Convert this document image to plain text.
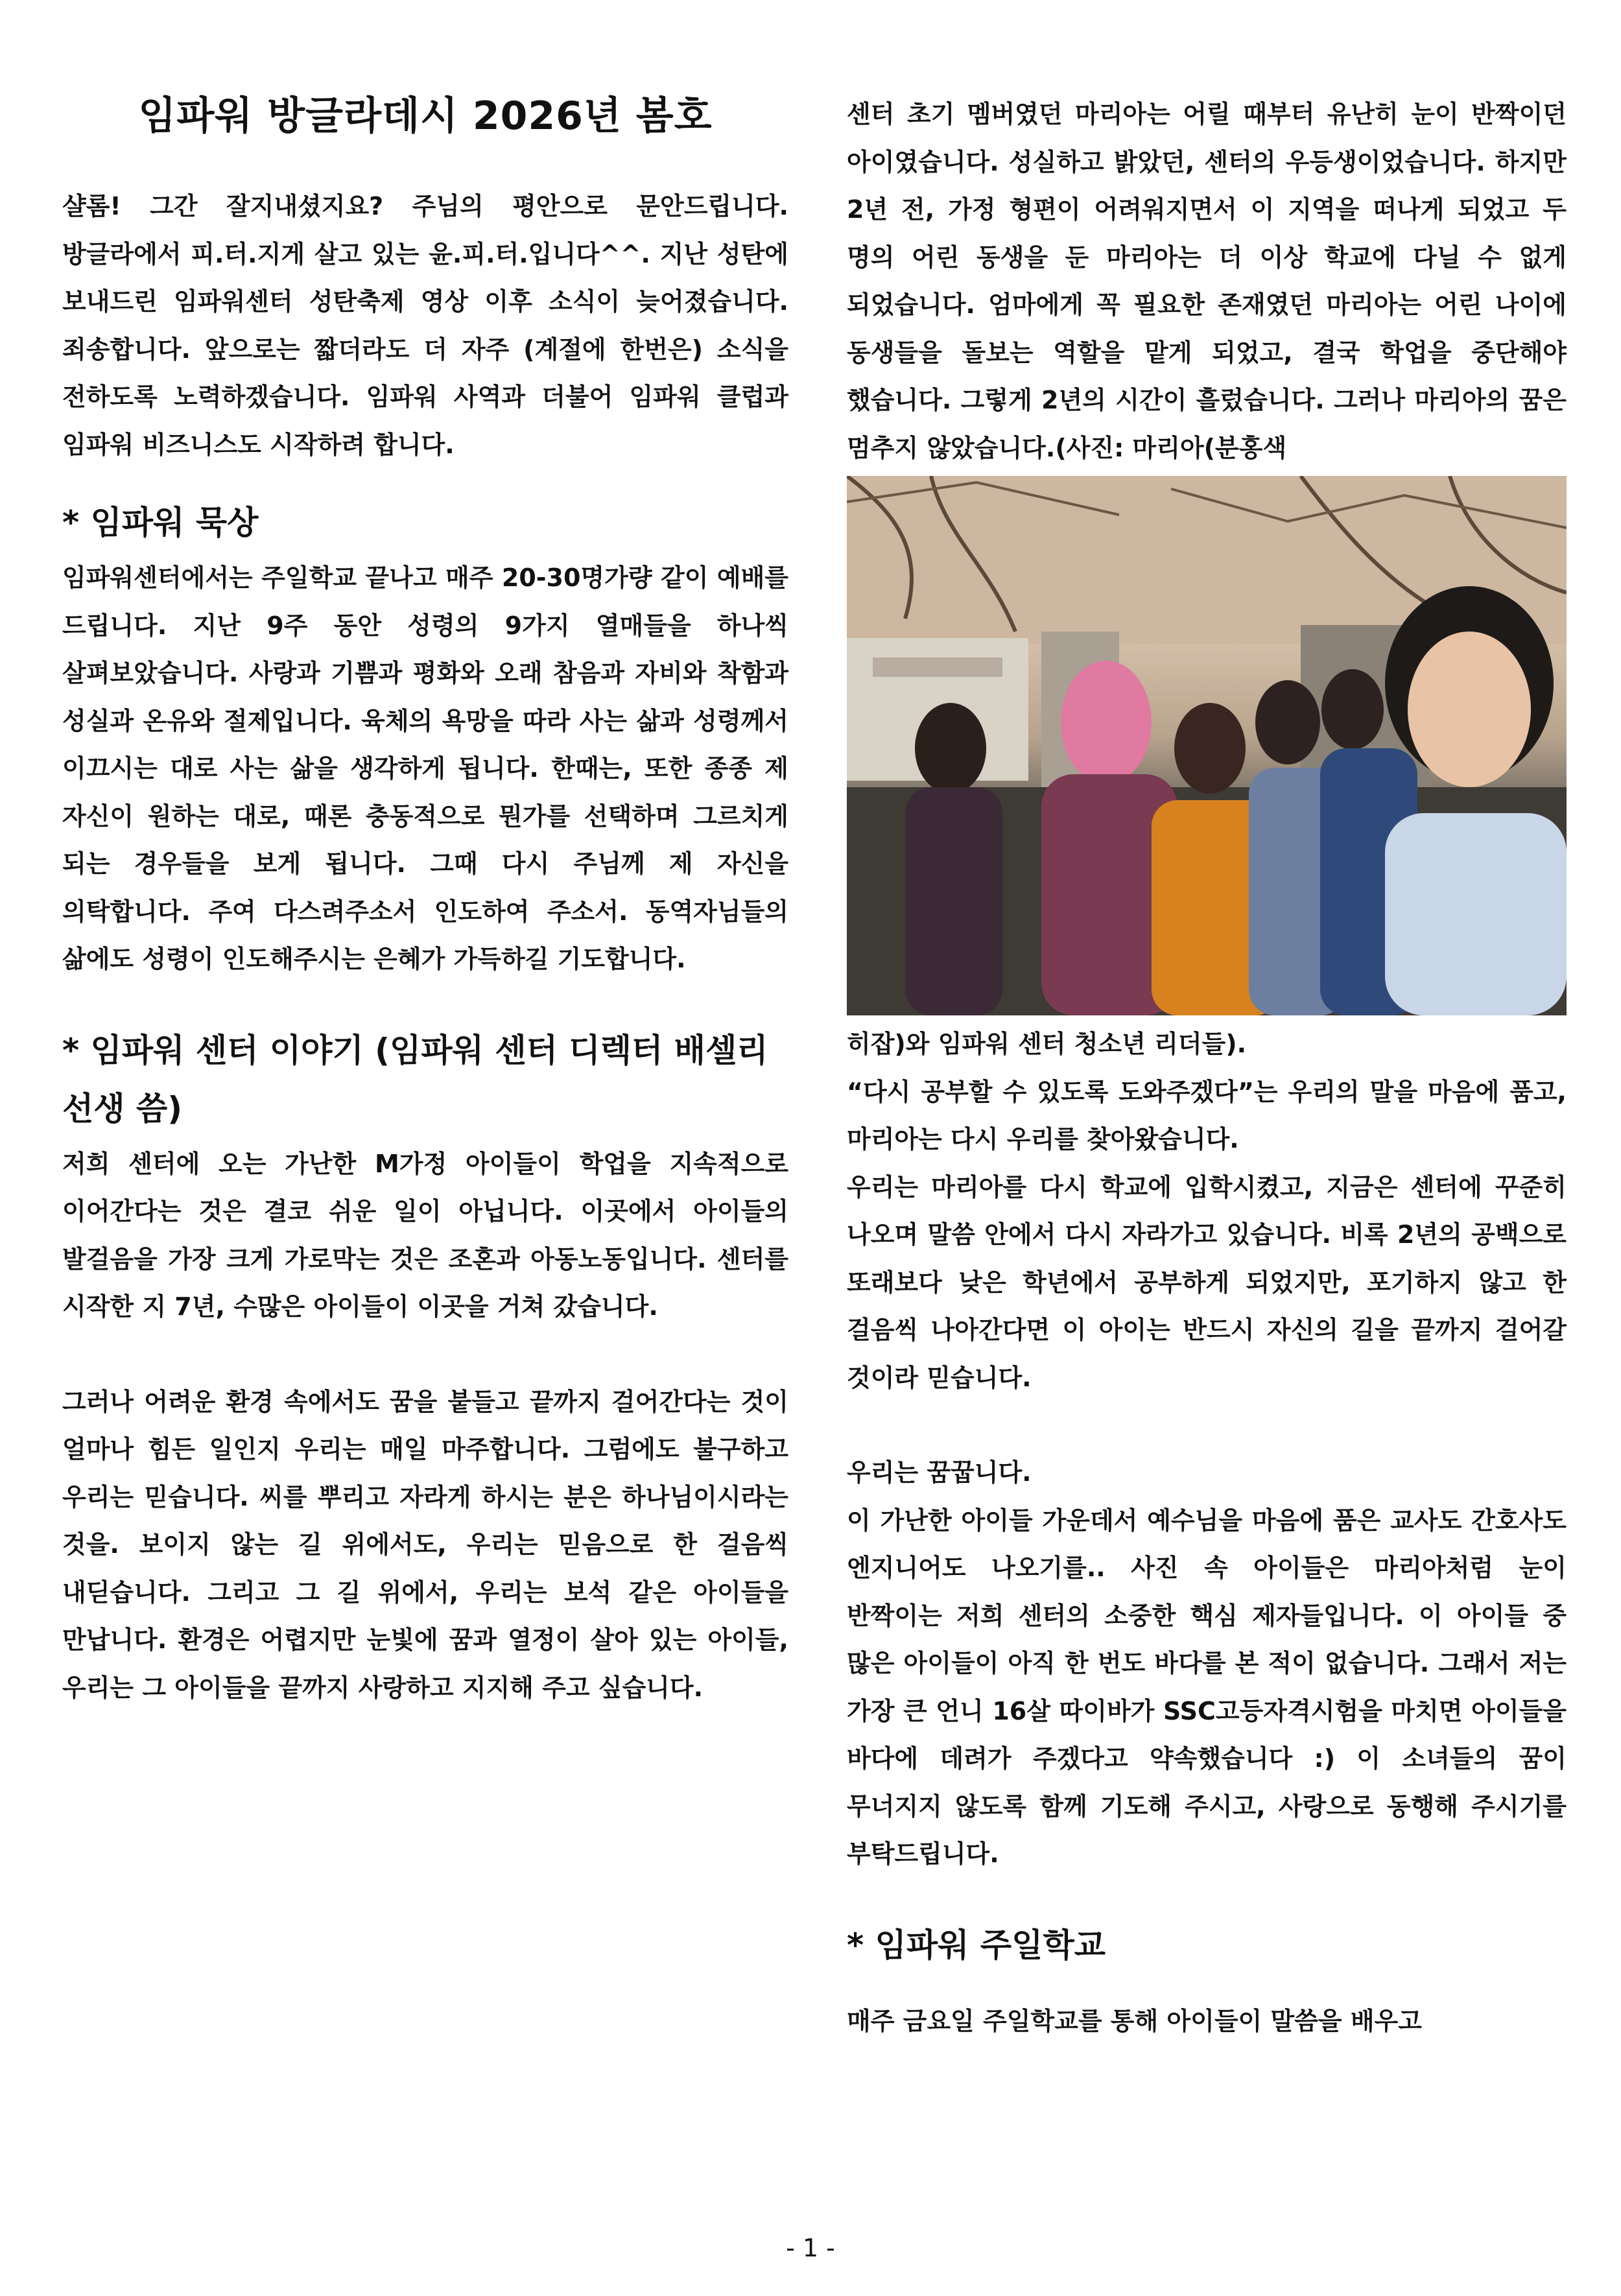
임파워 방글라데시 2026년 봄호

샬롬! 그간 잘지내셨지요? 주님의 평안으로 문안드립니다. 방글라에서 피.터.지게 살고 있는 윤.피.터.입니다^^. 지난 성탄에 보내드린 임파워센터 성탄축제 영상 이후 소식이 늦어졌습니다. 죄송합니다. 앞으로는 짧더라도 더 자주 (계절에 한번은) 소식을 전하도록 노력하겠습니다. 임파워 사역과 더불어 임파워 클럽과 임파워 비즈니스도 시작하려 합니다.

* 임파워 묵상

임파워센터에서는 주일학교 끝나고 매주 20-30명가량 같이 예배를 드립니다. 지난 9주 동안 성령의 9가지 열매들을 하나씩 살펴보았습니다. 사랑과 기쁨과 평화와 오래 참음과 자비와 착함과 성실과 온유와 절제입니다. 육체의 욕망을 따라 사는 삶과 성령께서 이끄시는 대로 사는 삶을 생각하게 됩니다. 한때는, 또한 종종 제 자신이 원하는 대로, 때론 충동적으로 뭔가를 선택하며 그르치게 되는 경우들을 보게 됩니다. 그때 다시 주님께 제 자신을 의탁합니다. 주여 다스려주소서 인도하여 주소서. 동역자님들의 삶에도 성령이 인도해주시는 은혜가 가득하길 기도합니다.

* 임파워 센터 이야기 (임파워 센터 디렉터 배셀리 선생 씀)

저희 센터에 오는 가난한 M가정 아이들이 학업을 지속적으로 이어간다는 것은 결코 쉬운 일이 아닙니다. 이곳에서 아이들의 발걸음을 가장 크게 가로막는 것은 조혼과 아동노동입니다. 센터를 시작한 지 7년, 수많은 아이들이 이곳을 거쳐 갔습니다.

그러나 어려운 환경 속에서도 꿈을 붙들고 끝까지 걸어간다는 것이 얼마나 힘든 일인지 우리는 매일 마주합니다. 그럼에도 불구하고 우리는 믿습니다. 씨를 뿌리고 자라게 하시는 분은 하나님이시라는 것을. 보이지 않는 길 위에서도, 우리는 믿음으로 한 걸음씩 내딛습니다. 그리고 그 길 위에서, 우리는 보석 같은 아이들을 만납니다. 환경은 어렵지만 눈빛에 꿈과 열정이 살아 있는 아이들, 우리는 그 아이들을 끝까지 사랑하고 지지해 주고 싶습니다.

센터 초기 멤버였던 마리아는 어릴 때부터 유난히 눈이 반짝이던 아이였습니다. 성실하고 밝았던, 센터의 우등생이었습니다. 하지만 2년 전, 가정 형편이 어려워지면서 이 지역을 떠나게 되었고 두 명의 어린 동생을 둔 마리아는 더 이상 학교에 다닐 수 없게 되었습니다. 엄마에게 꼭 필요한 존재였던 마리아는 어린 나이에 동생들을 돌보는 역할을 맡게 되었고, 결국 학업을 중단해야 했습니다. 그렇게 2년의 시간이 흘렀습니다. 그러나 마리아의 꿈은 멈추지 않았습니다.(사진: 마리아(분홍색

히잡)와 임파워 센터 청소년 리더들).

“다시 공부할 수 있도록 도와주겠다”는 우리의 말을 마음에 품고, 마리아는 다시 우리를 찾아왔습니다.

우리는 마리아를 다시 학교에 입학시켰고, 지금은 센터에 꾸준히 나오며 말씀 안에서 다시 자라가고 있습니다. 비록 2년의 공백으로 또래보다 낮은 학년에서 공부하게 되었지만, 포기하지 않고 한 걸음씩 나아간다면 이 아이는 반드시 자신의 길을 끝까지 걸어갈 것이라 믿습니다.

우리는 꿈꿉니다.

이 가난한 아이들 가운데서 예수님을 마음에 품은 교사도 간호사도 엔지니어도 나오기를.. 사진 속 아이들은 마리아처럼 눈이 반짝이는 저희 센터의 소중한 핵심 제자들입니다. 이 아이들 중 많은 아이들이 아직 한 번도 바다를 본 적이 없습니다. 그래서 저는 가장 큰 언니 16살 따이바가 SSC고등자격시험을 마치면 아이들을 바다에 데려가 주겠다고 약속했습니다 :) 이 소녀들의 꿈이 무너지지 않도록 함께 기도해 주시고, 사랑으로 동행해 주시기를 부탁드립니다.

* 임파워 주일학교

매주 금요일 주일학교를 통해 아이들이 말씀을 배우고

- 1 -
